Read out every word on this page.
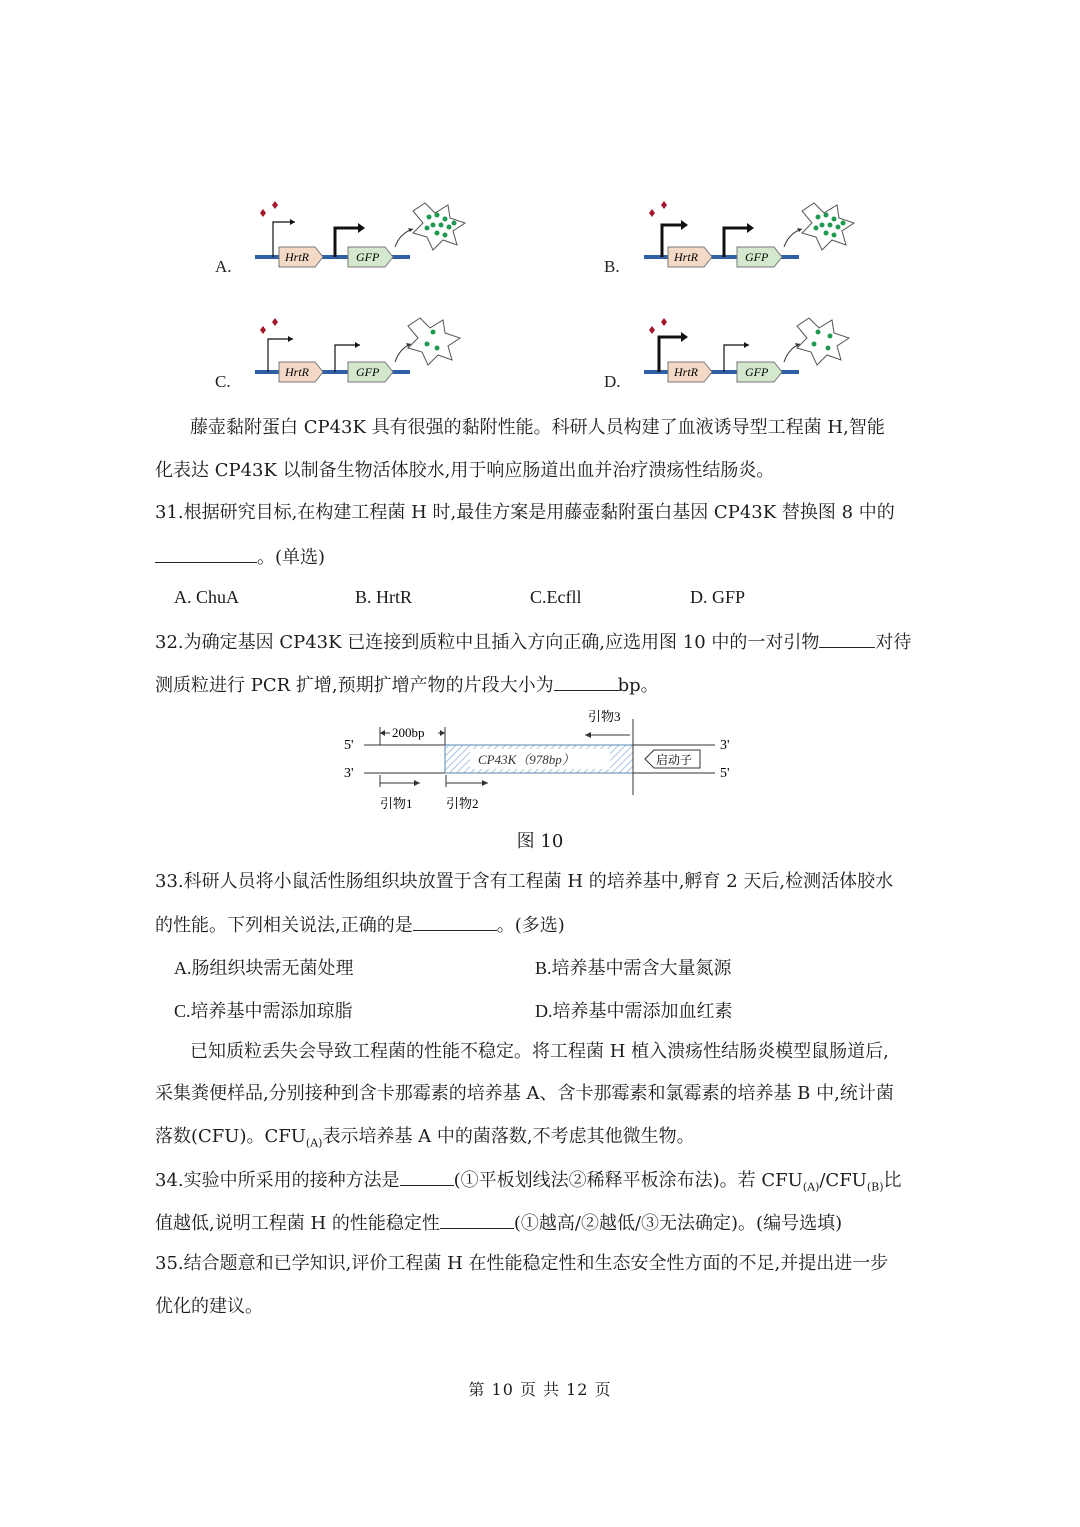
A.	HrtR	GFP	B.	HrtR	GFP
C.	HrtR	GFP	D.	HrtR	GFP
藤壶黏附蛋白 CP43K 具有很强的黏附性能。科研人员构建了血液诱导型工程菌 H,智能
化表达 CP43K 以制备生物活体胶水,用于响应肠道出血并治疗溃疡性结肠炎。
31.根据研究目标,在构建工程菌 H 时,最佳方案是用藤壶黏附蛋白基因 CP43K 替换图 8 中的
。(单选)
A. ChuA	B. HrtR	C.Ecfll	D. GFP
32.为确定基因 CP43K 已连接到质粒中且插入方向正确,应选用图 10 中的一对引物	对待
测质粒进行 PCR 扩增,预期扩增产物的片段大小为	bp。
5'
3'
3'
5'
CP43K（978bp）	启动子
200bp
引物3
引物1	引物2
图 10
33.科研人员将小鼠活性肠组织块放置于含有工程菌 H 的培养基中,孵育 2 天后,检测活体胶水
的性能。下列相关说法,正确的是	。(多选)
A.肠组织块需无菌处理	B.培养基中需含大量氮源
C.培养基中需添加琼脂	D.培养基中需添加血红素
已知质粒丢失会导致工程菌的性能不稳定。将工程菌 H 植入溃疡性结肠炎模型鼠肠道后,
采集粪便样品,分别接种到含卡那霉素的培养基 A、含卡那霉素和氯霉素的培养基 B 中,统计菌
落数(CFU)。$CFU_{(A)}$表示培养基 A 中的菌落数,不考虑其他微生物。
34.实验中所采用的接种方法是	(①平板划线法②稀释平板涂布法)。若 $CFU_{(A)}/CFU_{(B)}$比
值越低,说明工程菌 H 的性能稳定性	(①越高/②越低/③无法确定)。(编号选填)
35.结合题意和已学知识,评价工程菌 H 在性能稳定性和生态安全性方面的不足,并提出进一步
优化的建议。
第 10 页 共 12 页
